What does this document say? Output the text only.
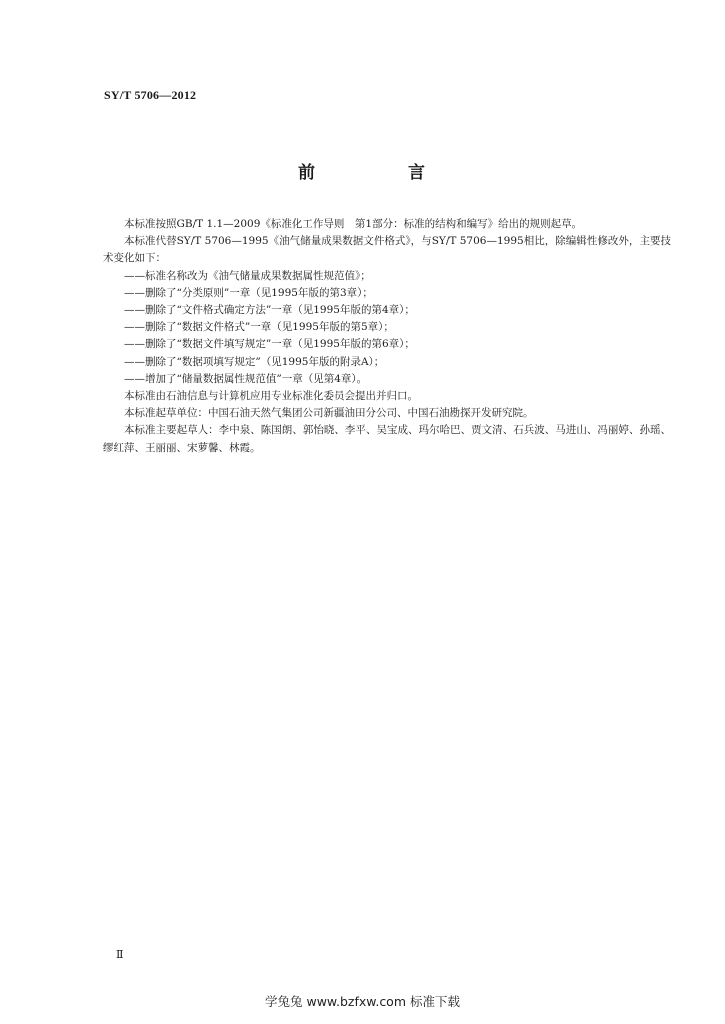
SY/T 5706—2012
前　言

本标准按照GB/T 1.1—2009《标准化工作导则　第1部分：标准的结构和编写》给出的规则起草。

本标准代替SY/T 5706—1995《油气储量成果数据文件格式》，与SY/T 5706—1995相比，除编辑性修改外，主要技术变化如下：

——标准名称改为《油气储量成果数据属性规范值》；

——删除了“分类原则”一章（见1995年版的第3章）；

——删除了“文件格式确定方法”一章（见1995年版的第4章）；

——删除了“数据文件格式”一章（见1995年版的第5章）；

——删除了“数据文件填写规定”一章（见1995年版的第6章）；

——删除了“数据项填写规定”（见1995年版的附录A）；

——增加了“储量数据属性规范值”一章（见第4章）。

本标准由石油信息与计算机应用专业标准化委员会提出并归口。

本标准起草单位：中国石油天然气集团公司新疆油田分公司、中国石油勘探开发研究院。

本标准主要起草人：李中泉、陈国朗、郭怡晓、李平、吴宝成、玛尔哈巴、贾文清、石兵波、马进山、冯丽婷、孙瑶、缪红萍、王丽丽、宋萝馨、林霞。

Ⅱ
学兔兔 www.bzfxw.com 标准下载
